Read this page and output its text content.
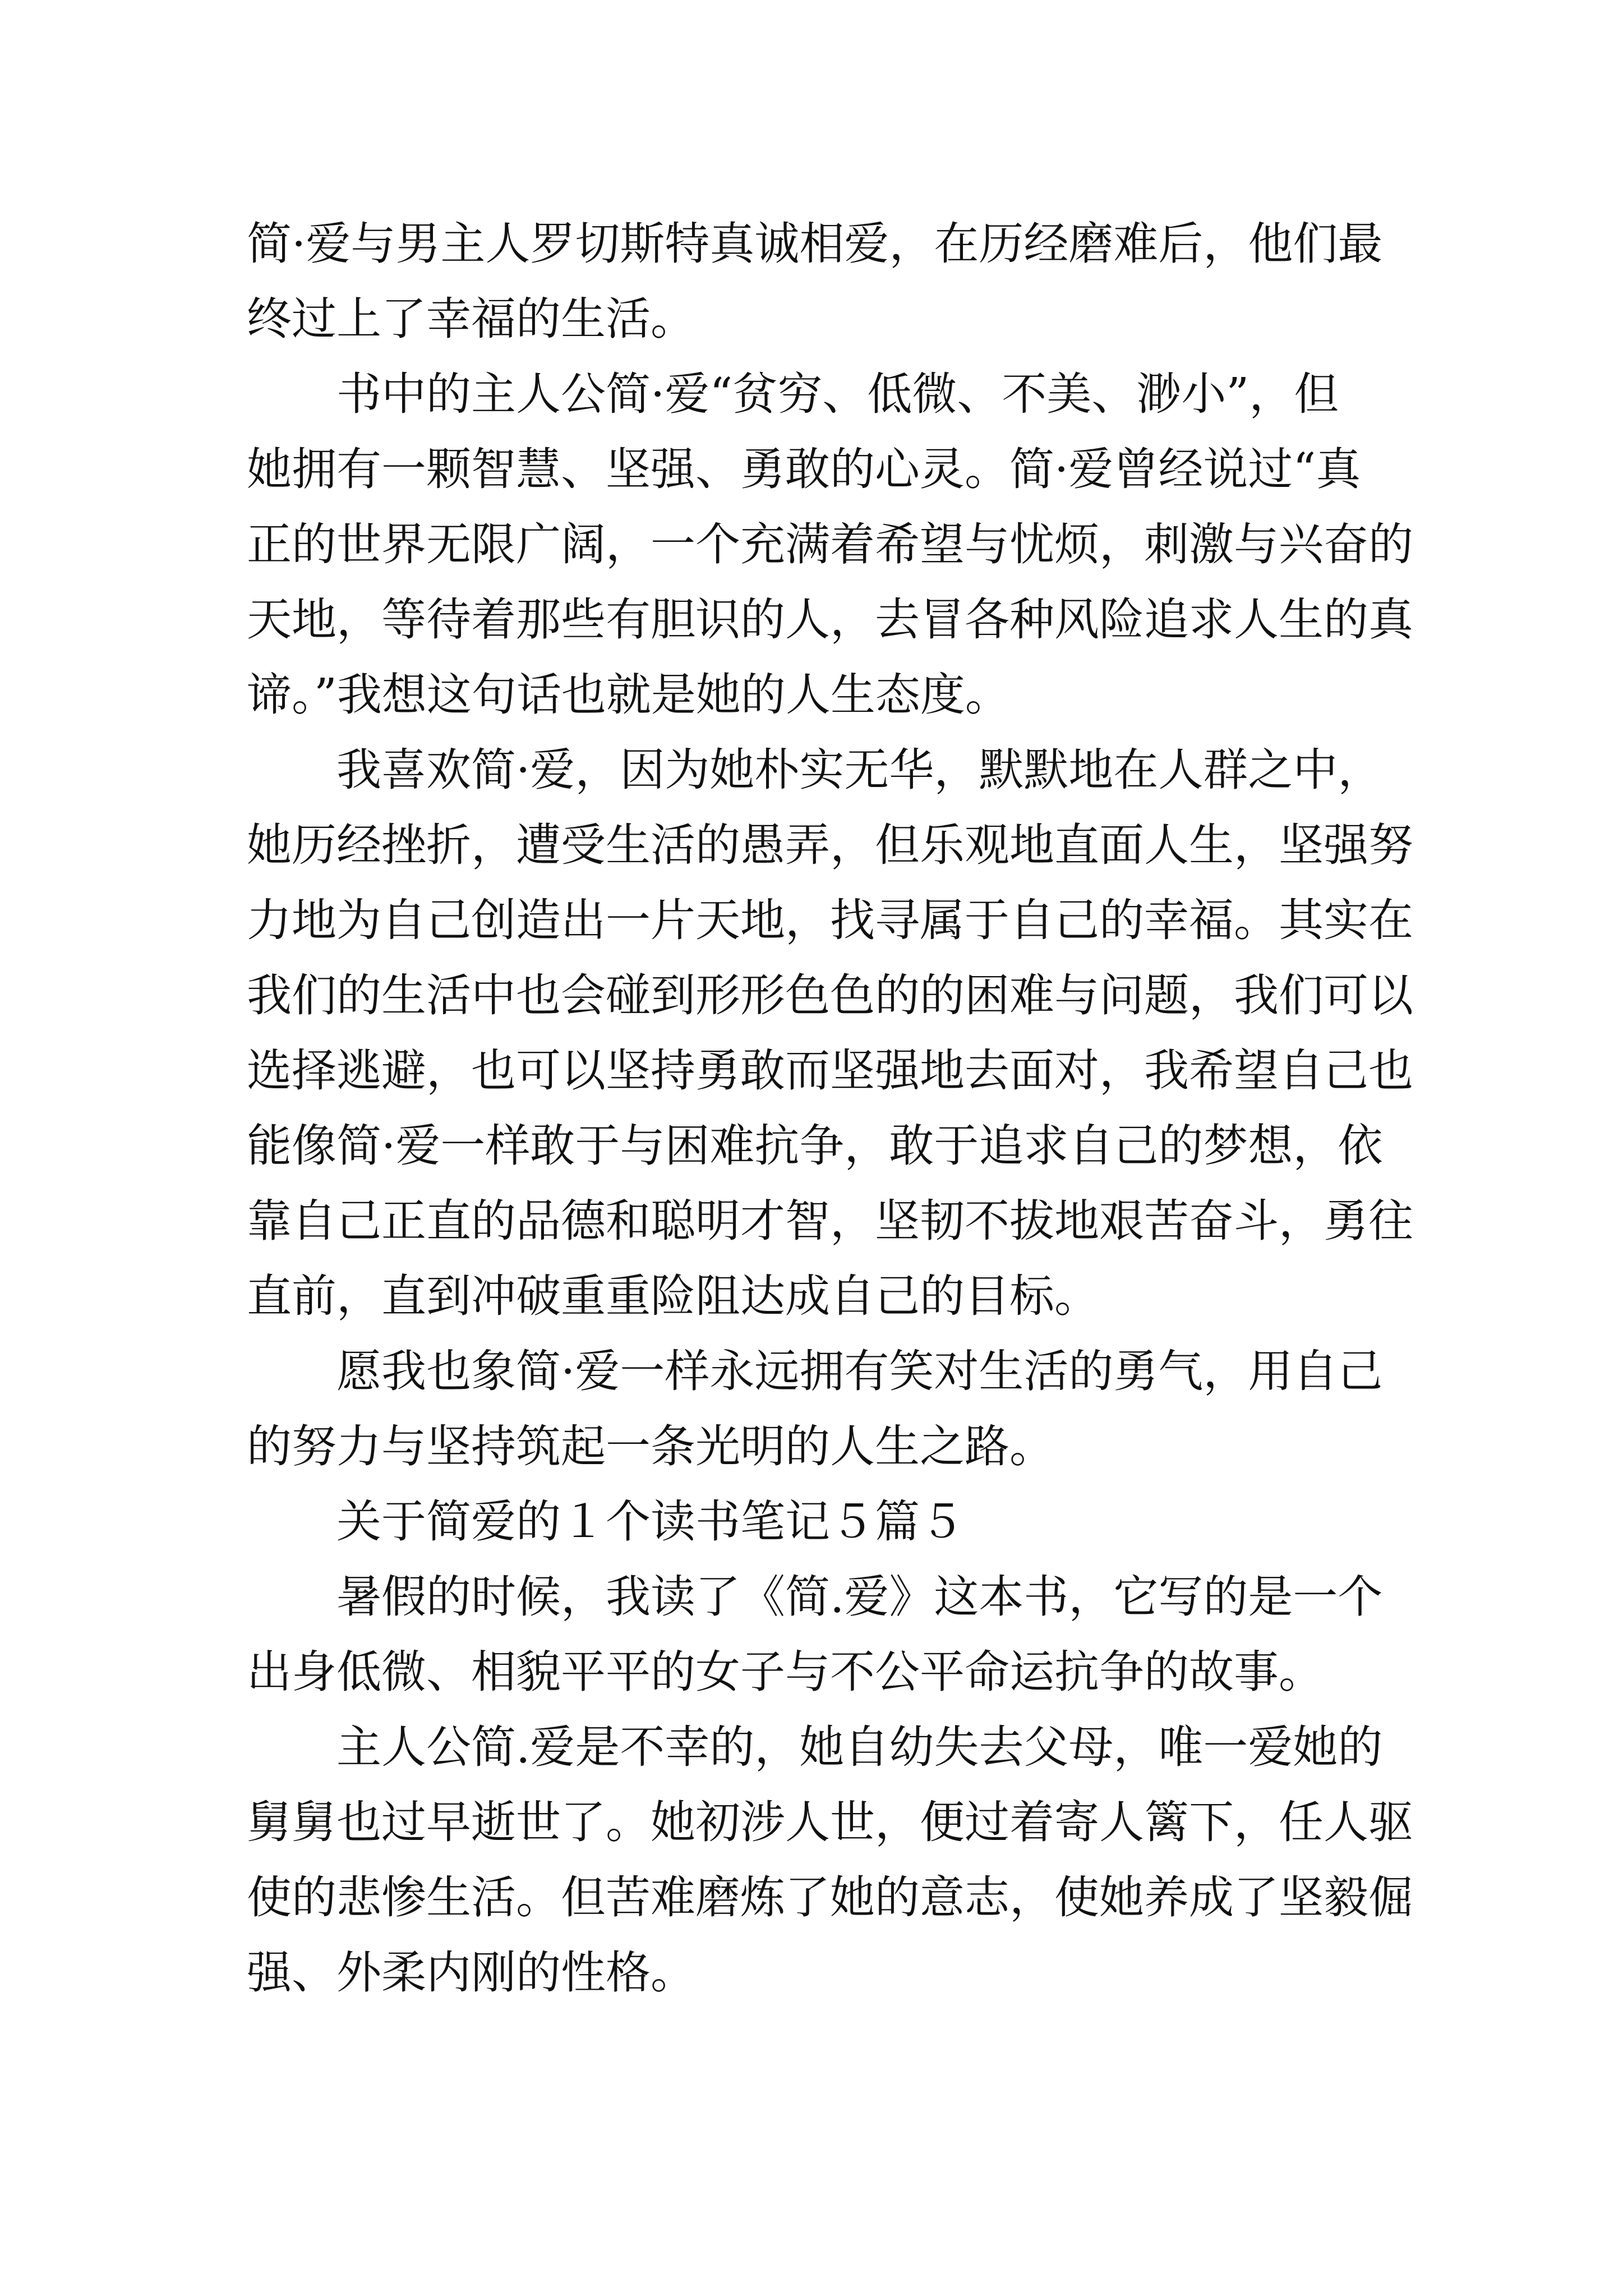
简·爱与男主人罗切斯特真诚相爱，在历经磨难后，他们最

终过上了幸福的生活。

书中的主人公简·爱“贫穷、低微、不美、渺小”，但

她拥有一颗智慧、坚强、勇敢的心灵。简·爱曾经说过“真

正的世界无限广阔，一个充满着希望与忧烦，刺激与兴奋的

天地，等待着那些有胆识的人，去冒各种风险追求人生的真

谛。”我想这句话也就是她的人生态度。

我喜欢简·爱，因为她朴实无华，默默地在人群之中，

她历经挫折，遭受生活的愚弄，但乐观地直面人生，坚强努

力地为自己创造出一片天地，找寻属于自己的幸福。其实在

我们的生活中也会碰到形形色色的的困难与问题，我们可以

选择逃避，也可以坚持勇敢而坚强地去面对，我希望自己也

能像简·爱一样敢于与困难抗争，敢于追求自己的梦想，依

靠自己正直的品德和聪明才智，坚韧不拔地艰苦奋斗，勇往

直前，直到冲破重重险阻达成自己的目标。

愿我也象简·爱一样永远拥有笑对生活的勇气，用自己

的努力与坚持筑起一条光明的人生之路。

关于简爱的１个读书笔记５篇５

暑假的时候，我读了《简.爱》这本书，它写的是一个

出身低微、相貌平平的女子与不公平命运抗争的故事。

主人公简.爱是不幸的，她自幼失去父母，唯一爱她的

舅舅也过早逝世了。她初涉人世，便过着寄人篱下，任人驱

使的悲惨生活。但苦难磨炼了她的意志，使她养成了坚毅倔

强、外柔内刚的性格。
